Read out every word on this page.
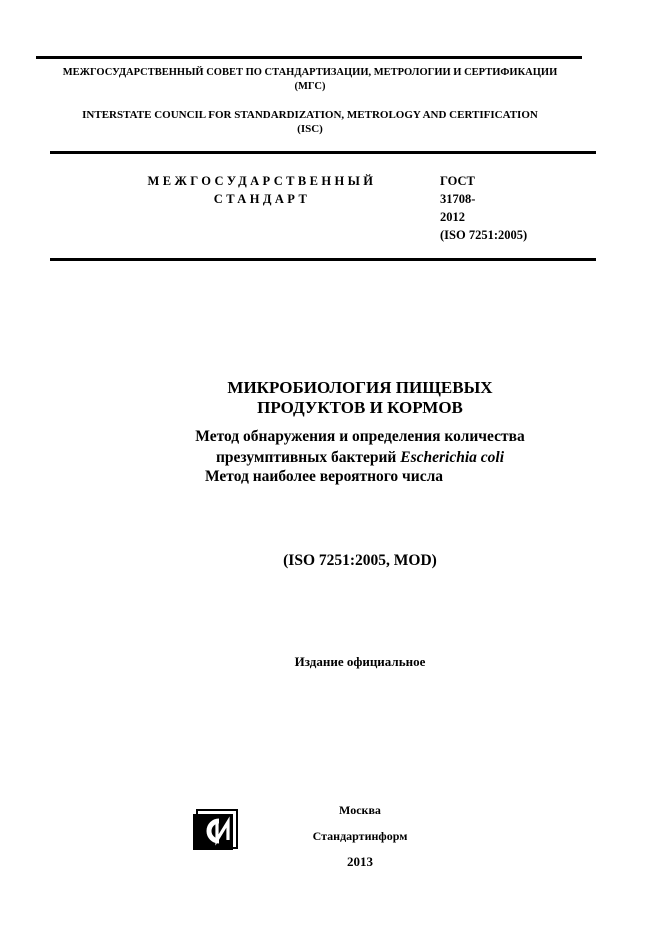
МЕЖГОСУДАРСТВЕННЫЙ СОВЕТ ПО СТАНДАРТИЗАЦИИ, МЕТРОЛОГИИ И СЕРТИФИКАЦИИ
(МГС)
INTERSTATE COUNCIL FOR STANDARDIZATION, METROLOGY AND CERTIFICATION
(ISC)
МЕЖГОСУДАРСТВЕННЫЙ
СТАНДАРТ
ГОСТ
31708-
2012
(ISO 7251:2005)
МИКРОБИОЛОГИЯ ПИЩЕВЫХ
ПРОДУКТОВ И КОРМОВ
Метод обнаружения и определения количества
презумптивных бактерий Escherichia coli
Метод наиболее вероятного числа
(ISO 7251:2005, MOD)
Издание официальное
Москва
Стандартинформ
2013
